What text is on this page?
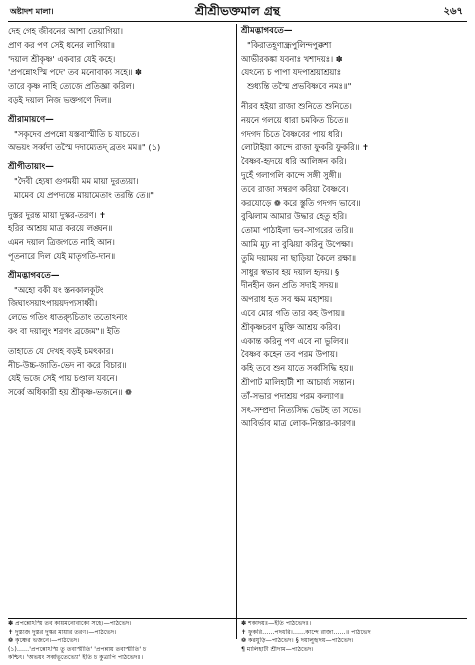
অষ্টাদশ মালা।	শ্রীশ্রীভক্তমাল গ্রন্থ	২৬৭
দেহ গেহ জীবনের আশা তেয়াগিয়া।
প্রাণ কর পণ সেই ধনের লাগিয়া॥
'দয়াল শ্রীকৃষ্ণ' একবার যেই কহে।
'প্রপন্নোঽস্মি পদে' তব মনোবাক্য সহে॥ ✽
তারে কৃষ্ণ নাহি ত্যেজে প্রতিজ্ঞা করিল।
বড়ই দয়াল নিজ ভক্তগণে দিল॥
শ্রীরামায়ণে—
"সকৃদেব প্রপন্নো যস্তবাস্মীতি চ যাচতে।
অভয়ং সর্ব্বদা তস্মৈ দদাম্যেতদ্ ব্রতং মম॥" (১)
শ্রীগীতায়াং—
"দৈবী হ্যেষা গুণময়ী মম মায়া দুরত্যয়া।
মামেব যে প্রপদ্যন্তে মায়ামেতাং তরন্তি তে॥"
দুস্তর দুরন্ত মায়া দুস্কর-তরণ। ✝
হরির আশ্রয় মাত্র করয়ে লঙ্ঘন॥
এমন দয়াল ত্রিজগতে নাহি আন।
পূতনারে দিল যেই মাতৃগতি-দান॥
শ্রীমদ্ভাগবতে—
"অহো বকী যং স্তনকালকূটং
জিঘাংসয়াঽপায়য়দপ্যসাধ্বী।
লেভে গতিং ধাত্র্যুচিতাং ততোঽন্যং
কং বা দয়ালুং শরণং ব্রজেম"॥ ইতি
তাহাতে যে দেখহ বড়ই চমৎকার।
নীচ-উচ্চ-জাতি-ভেদ না করে বিচার॥
যেই ভজে সেই পায় চণ্ডাল যবনে।
সর্ব্বে অধিকারী হয় শ্রীকৃষ্ণ-ভজনে॥ ❁
শ্রীমদ্ভাগবতে—
"কিরাতহূণান্ধ্রপুলিন্দপুক্কশা
আভীরকঙ্কা যবনাঃ খশাদয়ঃ। ✽
যেঽন্যে চ পাপা যদপাশ্রয়াশ্রয়াঃ
শুধ্যন্তি তস্মৈ প্রভবিষ্ণবে নমঃ॥"
নীরব হইয়া রাজা শুনিতে শুনিতে।
নয়নে গলয়ে ধারা চমকিত চিতে॥
গদগদ চিতে বৈষ্ণবের পায় ধরি।
লোটাইয়া কান্দে রাজা ফুকরি ফুকরি॥ ✝
বৈষ্ণব-হৃদয়ে ধরি আলিঙ্গন করি।
দুহেঁ গলাগলি কান্দে সঙ্গী সুঙ্গী॥
তবে রাজা সম্বরণ করিয়া বৈষ্ণবে।
করযোড়ে ❁ করে স্তুতি গদগদ ভাবে॥
বুঝিলাম আমার উদ্ধার হেতু হরি।
তোমা পাঠাইলা ভব-সাগরের তরি॥
আমি মূঢ় না বুঝিয়া করিনু উপেক্ষা।
তুমি দয়াময় না ছাড়িয়া কৈলে রক্ষা॥
সাধুর স্বভাব হয় দয়াল হৃদয়। §
দীনহীন জন প্রতি সদাই সদয়॥
অপরাধ হত সব ক্ষম মহাশয়।
এবে মোর গতি তার কহ উপায়॥
শ্রীকৃষ্ণচরণ মুক্তি আশ্রয় করিব।
একান্ত করিনু পণ এবে না ভুলিব॥
বৈষ্ণব কহেন তব পরম উপায়।
কহি তবে শুন যাতে সর্ব্বসিদ্ধি হয়॥
শ্রীপাট মালিহাটী শা আচার্য্য সন্তান।
তাঁ-সভার পদাশ্রয় পরম কল্যাণ॥
সৎ-সম্প্রদা নিত্যসিদ্ধ ভেটহ তা সভে।
আবির্ভাব মাত্র লোক-নিস্তার-কারণ॥
✽ প্রপন্নোঽস্মি তব কায়মনোবাক্যে সহে।—পাঠভেদ।
✝ দুস্ত্যজ দুস্তর দুস্কর মায়ার তরণ।—পাঠভেদ।
❁ কৃষ্ণের ভজনে।—পাঠভেদ।
(১)……'প্রপন্নোঽস্মি তু তবাস্মীতি' 'প্রপন্নায় তবাস্মীতি' চ
কশ্চিৎ। 'অভয়ং সর্ব্বভূতেভ্যো' ইতি চ কুত্রাপি পাঠভেদঃ।
✽ শকাদয়ঃ—ইতি পাঠভেদঃ।
✝ ফুকরি……পদধরি।……কান্দে রাজা……॥ পাঠভেদ
❁ করযুড়ি—পাঠভেদ। § দয়ালুহৃদয়—পাঠভেদ।
¶ মালিহাটী শ্রীদাম—পাঠভেদ।
